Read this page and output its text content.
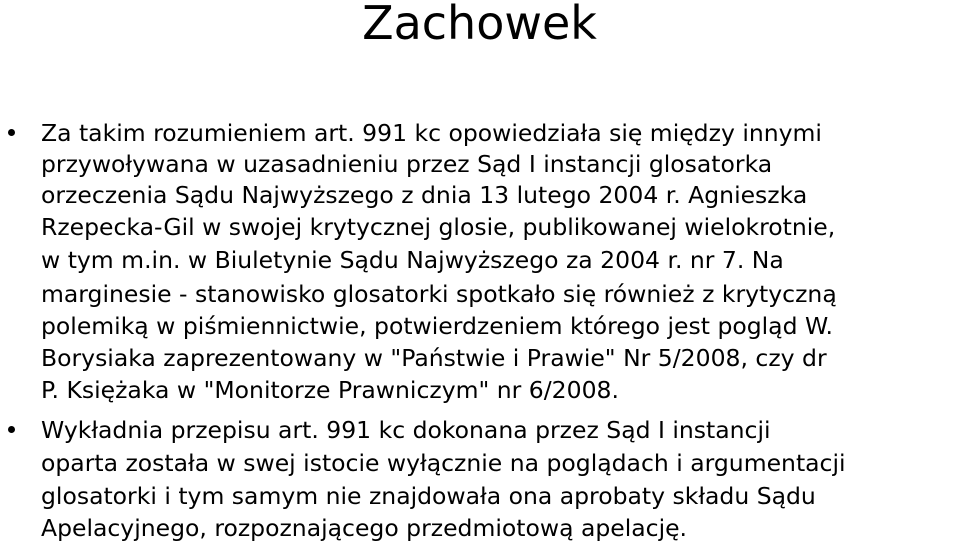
Zachowek
Za takim rozumieniem art. 991 kc opowiedziała się między innymi
przywoływana w uzasadnieniu przez Sąd I instancji glosatorka
orzeczenia Sądu Najwyższego z dnia 13 lutego 2004 r. Agnieszka
Rzepecka-Gil w swojej krytycznej glosie, publikowanej wielokrotnie,
w tym m.in. w Biuletynie Sądu Najwyższego za 2004 r. nr 7. Na
marginesie - stanowisko glosatorki spotkało się również z krytyczną
polemiką w piśmiennictwie, potwierdzeniem którego jest pogląd W.
Borysiaka zaprezentowany w "Państwie i Prawie" Nr 5/2008, czy dr
P. Księżaka w "Monitorze Prawniczym" nr 6/2008.
Wykładnia przepisu art. 991 kc dokonana przez Sąd I instancji
oparta została w swej istocie wyłącznie na poglądach i argumentacji
glosatorki i tym samym nie znajdowała ona aprobaty składu Sądu
Apelacyjnego, rozpoznającego przedmiotową apelację.
